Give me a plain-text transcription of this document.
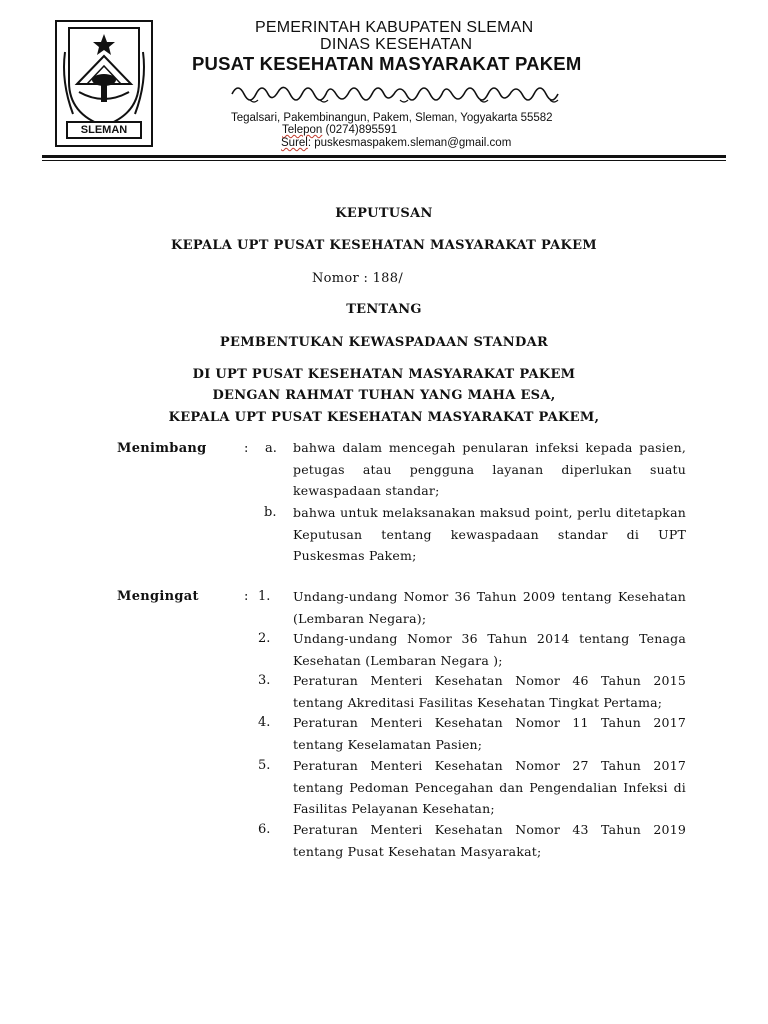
SLEMAN
PEMERINTAH KABUPATEN SLEMAN
DINAS KESEHATAN
PUSAT KESEHATAN MASYARAKAT PAKEM
Tegalsari, Pakembinangun, Pakem, Sleman, Yogyakarta 55582
Telepon (0274)895591
Surel: puskesmaspakem.sleman@gmail.com
KEPUTUSAN
KEPALA UPT PUSAT KESEHATAN MASYARAKAT PAKEM
Nomor : 188/
TENTANG
PEMBENTUKAN KEWASPADAAN STANDAR
DI UPT PUSAT KESEHATAN MASYARAKAT PAKEM
DENGAN RAHMAT TUHAN YANG MAHA ESA,
KEPALA UPT PUSAT KESEHATAN MASYARAKAT PAKEM,
Menimbang	: a. bahwa dalam mencegah penularan infeksi kepada pasien, petugas atau pengguna layanan diperlukan suatu kewaspadaan standar;
b. bahwa untuk melaksanakan maksud point, perlu ditetapkan Keputusan tentang kewaspadaan standar di UPT Puskesmas Pakem;
Mengingat	: 1. Undang-undang Nomor 36 Tahun 2009 tentang Kesehatan (Lembaran Negara);
2. Undang-undang Nomor 36 Tahun 2014 tentang Tenaga Kesehatan (Lembaran Negara );
3. Peraturan Menteri Kesehatan Nomor 46 Tahun 2015 tentang Akreditasi Fasilitas Kesehatan Tingkat Pertama;
4. Peraturan Menteri Kesehatan Nomor 11 Tahun 2017 tentang Keselamatan Pasien;
5. Peraturan Menteri Kesehatan Nomor 27 Tahun 2017 tentang Pedoman Pencegahan dan Pengendalian Infeksi di Fasilitas Pelayanan Kesehatan;
6. Peraturan Menteri Kesehatan Nomor 43 Tahun 2019 tentang Pusat Kesehatan Masyarakat;
